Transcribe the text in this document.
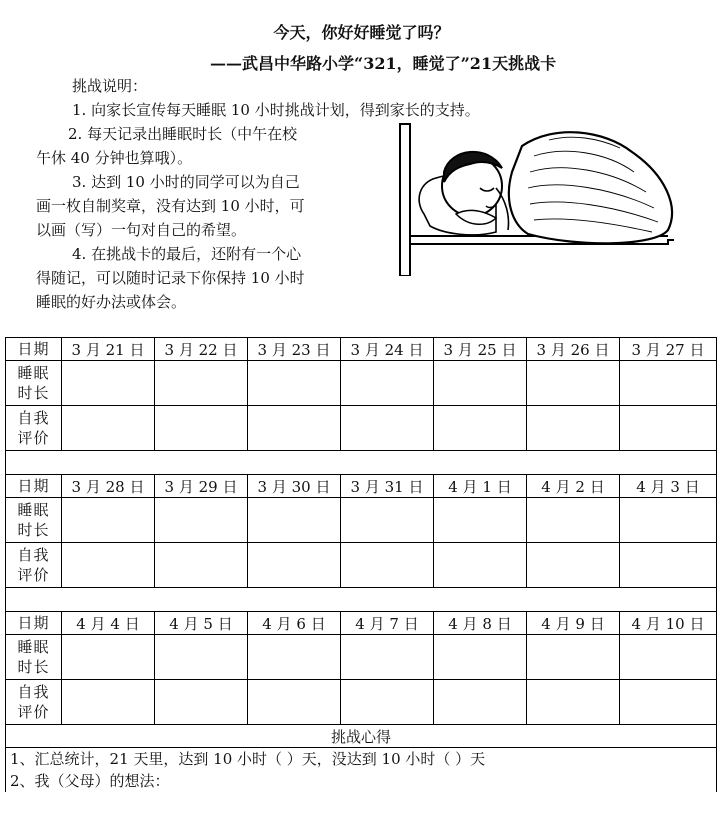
今天，你好好睡觉了吗？
——武昌中华路小学“321，睡觉了”21天挑战卡
挑战说明：
1. 向家长宣传每天睡眠 10 小时挑战计划，得到家长的支持。
2. 每天记录出睡眠时长（中午在校
午休 40 分钟也算哦）。
3. 达到 10 小时的同学可以为自己
画一枚自制奖章，没有达到 10 小时，可
以画（写）一句对自己的希望。
4. 在挑战卡的最后，还附有一个心
得随记，可以随时记录下你保持 10 小时
睡眠的好办法或体会。
日期	3 月 21 日	3 月 22 日	3 月 23 日	3 月 24 日	3 月 25 日	3 月 26 日	3 月 27 日
睡眠
时长							
自我
评价							

日期	3 月 28 日	3 月 29 日	3 月 30 日	3 月 31 日	4 月 1 日	4 月 2 日	4 月 3 日
睡眠
时长							
自我
评价							

日期	4 月 4 日	4 月 5 日	4 月 6 日	4 月 7 日	4 月 8 日	4 月 9 日	4 月 10 日
睡眠
时长							
自我
评价							
挑战心得							

1、汇总统计，21 天里，达到 10 小时（ ）天，没达到 10 小时（ ）天
2、我（父母）的想法：							
